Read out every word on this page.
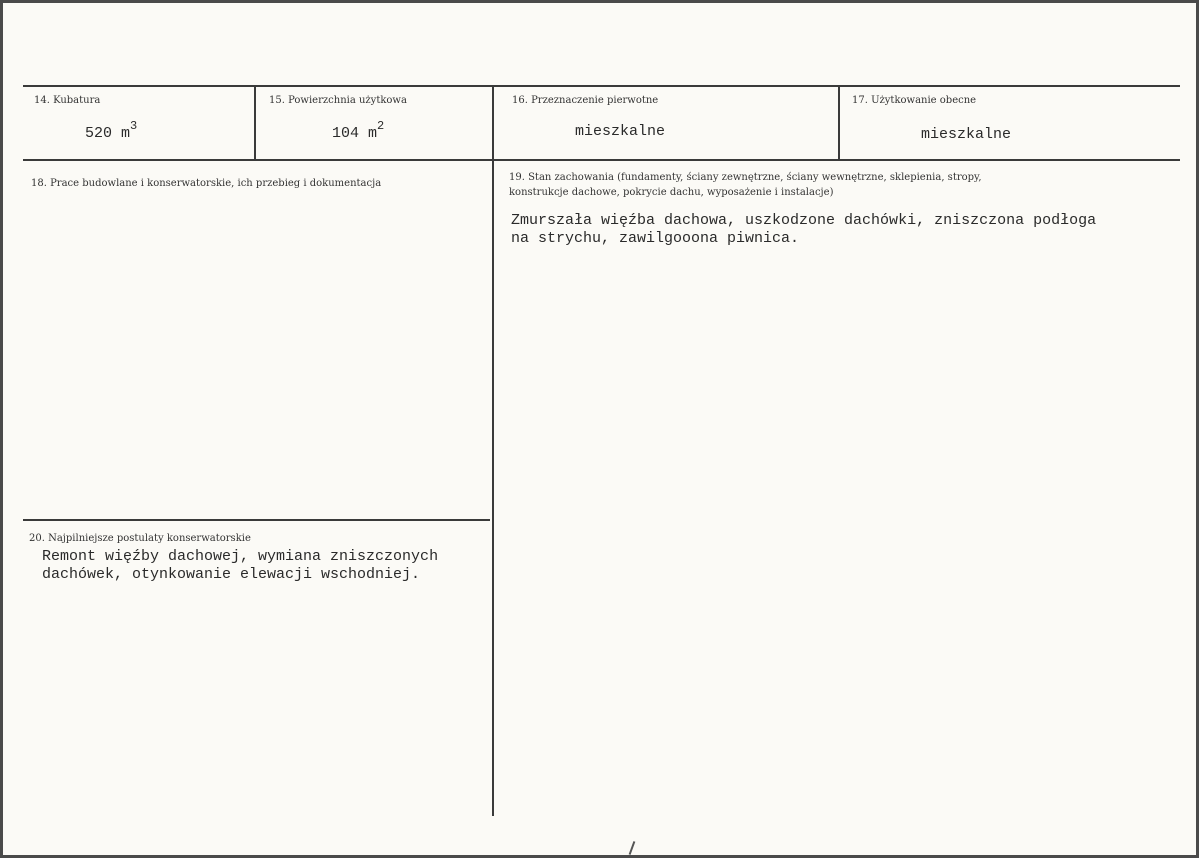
14. Kubatura
520 $m^3$
15. Powierzchnia użytkowa
104 $m^2$
16. Przeznaczenie pierwotne
mieszkalne
17. Użytkowanie obecne
mieszkalne
18. Prace budowlane i konserwatorskie, ich przebieg i dokumentacja
19. Stan zachowania (fundamenty, ściany zewnętrzne, ściany wewnętrzne, sklepienia, stropy,
konstrukcje dachowe, pokrycie dachu, wyposażenie i instalacje)
Zmurszała więźba dachowa, uszkodzone dachówki, zniszczona podłoga
na strychu, zawilgooona piwnica.
20. Najpilniejsze postulaty konserwatorskie
Remont więźby dachowej, wymiana zniszczonych
dachówek, otynkowanie elewacji wschodniej.
